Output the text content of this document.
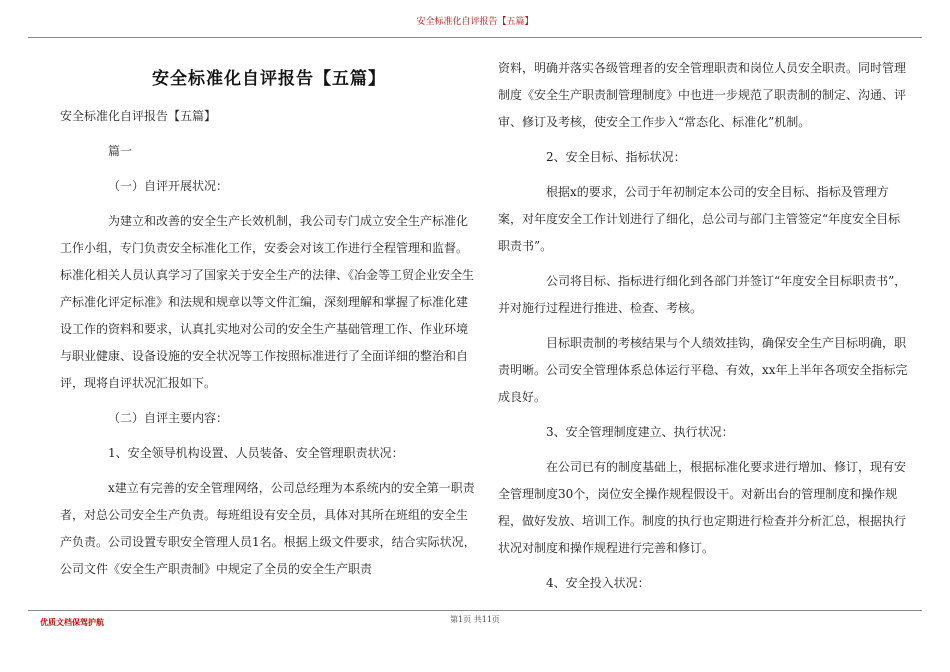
安全标准化自评报告【五篇】
安全标准化自评报告【五篇】

安全标准化自评报告【五篇】

篇一

（一）自评开展状况：

为建立和改善的安全生产长效机制，我公司专门成立安全生产标准化工作小组，专门负责安全标准化工作，安委会对该工作进行全程管理和监督。标准化相关人员认真学习了国家关于安全生产的法律、《冶金等工贸企业安全生产标准化评定标准》和法规和规章以等文件汇编，深刻理解和掌握了标准化建设工作的资料和要求，认真扎实地对公司的安全生产基础管理工作、作业环境与职业健康、设备设施的安全状况等工作按照标准进行了全面详细的整治和自评，现将自评状况汇报如下。

（二）自评主要内容：

1、安全领导机构设置、人员装备、安全管理职责状况：

x建立有完善的安全管理网络，公司总经理为本系统内的安全第一职责者，对总公司安全生产负责。每班组设有安全员，具体对其所在班组的安全生产负责。公司设置专职安全管理人员1名。根据上级文件要求，结合实际状况，公司文件《安全生产职责制》中规定了全员的安全生产职责

资料，明确并落实各级管理者的安全管理职责和岗位人员安全职责。同时管理制度《安全生产职责制管理制度》中也进一步规范了职责制的制定、沟通、评审、修订及考核，使安全工作步入“常态化、标准化”机制。

2、安全目标、指标状况：

根据x的要求，公司于年初制定本公司的安全目标、指标及管理方案，对年度安全工作计划进行了细化，总公司与部门主管签定“年度安全目标职责书”。

公司将目标、指标进行细化到各部门并签订“年度安全目标职责书”，并对施行过程进行推进、检查、考核。

目标职责制的考核结果与个人绩效挂钩，确保安全生产目标明确，职责明晰。公司安全管理体系总体运行平稳、有效，xx年上半年各项安全指标完成良好。

3、安全管理制度建立、执行状况：

在公司已有的制度基础上，根据标准化要求进行增加、修订，现有安全管理制度30个，岗位安全操作规程假设干。对新出台的管理制度和操作规程，做好发放、培训工作。制度的执行也定期进行检查并分析汇总，根据执行状况对制度和操作规程进行完善和修订。

4、安全投入状况：

优质文档保驾护航	第1页 共11页
